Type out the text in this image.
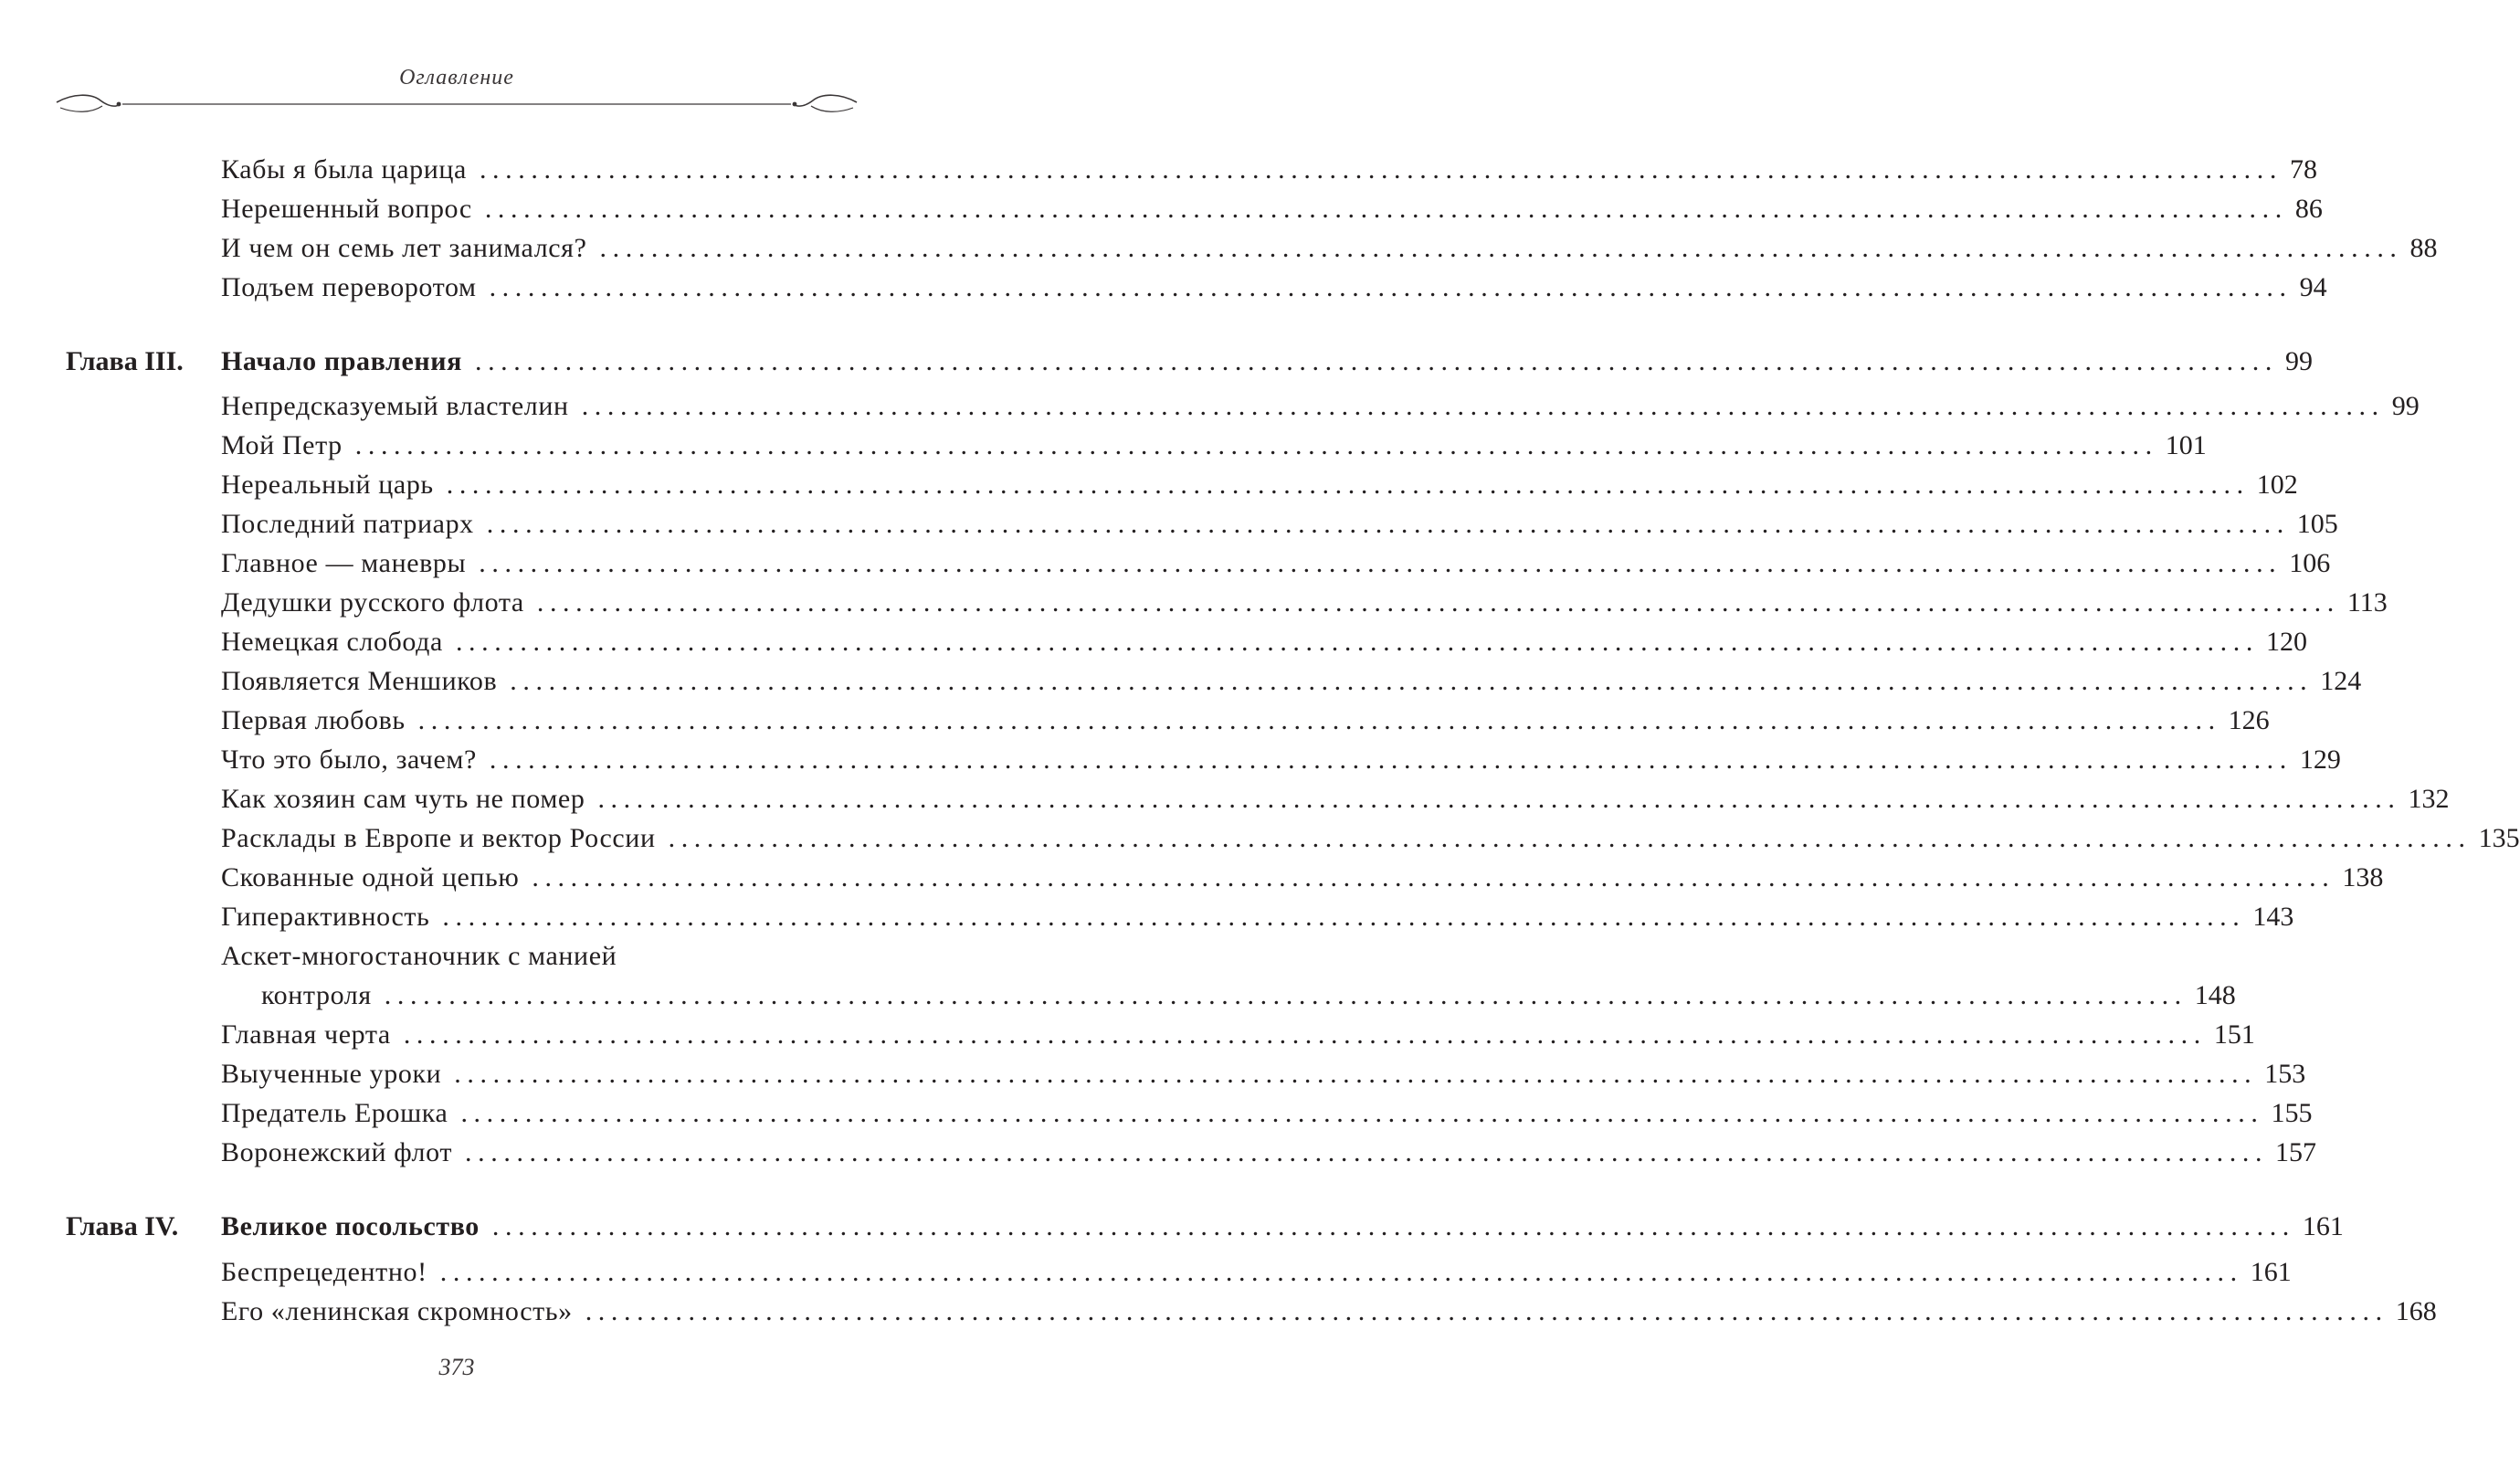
Оглавление
Кабы я была царица ............................................................................................................................................ 78
Нерешенный вопрос ............................................................................................................................................ 86
И чем он семь лет занимался? ............................................................................................................................................ 88
Подъем переворотом ............................................................................................................................................ 94
Глава III. Начало правления ............................................................................................................................................ 99
Непредсказуемый властелин ............................................................................................................................................ 99
Мой Петр ............................................................................................................................................ 101
Нереальный царь ............................................................................................................................................ 102
Последний патриарх ............................................................................................................................................ 105
Главное — маневры ............................................................................................................................................ 106
Дедушки русского флота ............................................................................................................................................ 113
Немецкая слобода ............................................................................................................................................ 120
Появляется Меншиков ............................................................................................................................................ 124
Первая любовь ............................................................................................................................................ 126
Что это было, зачем? ............................................................................................................................................ 129
Как хозяин сам чуть не помер ............................................................................................................................................ 132
Расклады в Европе и вектор России ............................................................................................................................................ 135
Скованные одной цепью ............................................................................................................................................ 138
Гиперактивность ............................................................................................................................................ 143
Аскет-многостаночник с манией
контроля ............................................................................................................................................ 148
Главная черта ............................................................................................................................................ 151
Выученные уроки ............................................................................................................................................ 153
Предатель Ерошка ............................................................................................................................................ 155
Воронежский флот ............................................................................................................................................ 157
Глава IV. Великое посольство ............................................................................................................................................ 161
Беспрецедентно! ............................................................................................................................................ 161
Его «ленинская скромность» ............................................................................................................................................ 168
373
